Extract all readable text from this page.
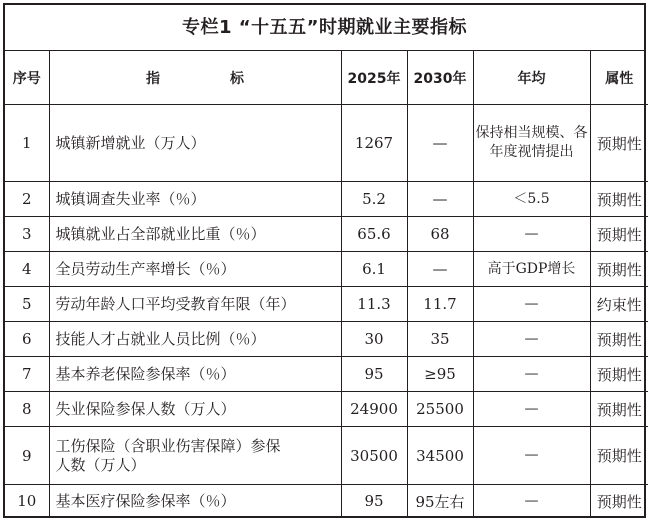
专栏1 “十五五”时期就业主要指标
序号	指　标	2025年	2030年	年均	属性
1	城镇新增就业（万人）	1267	—	保持相当规模、各年度视情提出	预期性
2	城镇调查失业率（％）	5.2	—	＜5.5	预期性
3	城镇就业占全部就业比重（％）	65.6	68	—	预期性
4	全员劳动生产率增长（％）	6.1	—	高于GDP增长	预期性
5	劳动年龄人口平均受教育年限（年）	11.3	11.7	—	约束性
6	技能人才占就业人员比例（％）	30	35	—	预期性
7	基本养老保险参保率（％）	95	≥95	—	预期性
8	失业保险参保人数（万人）	24900	25500	—	预期性
9	工伤保险（含职业伤害保障）参保人数（万人）	30500	34500	—	预期性
10	基本医疗保险参保率（％）	95	95左右	—	预期性
